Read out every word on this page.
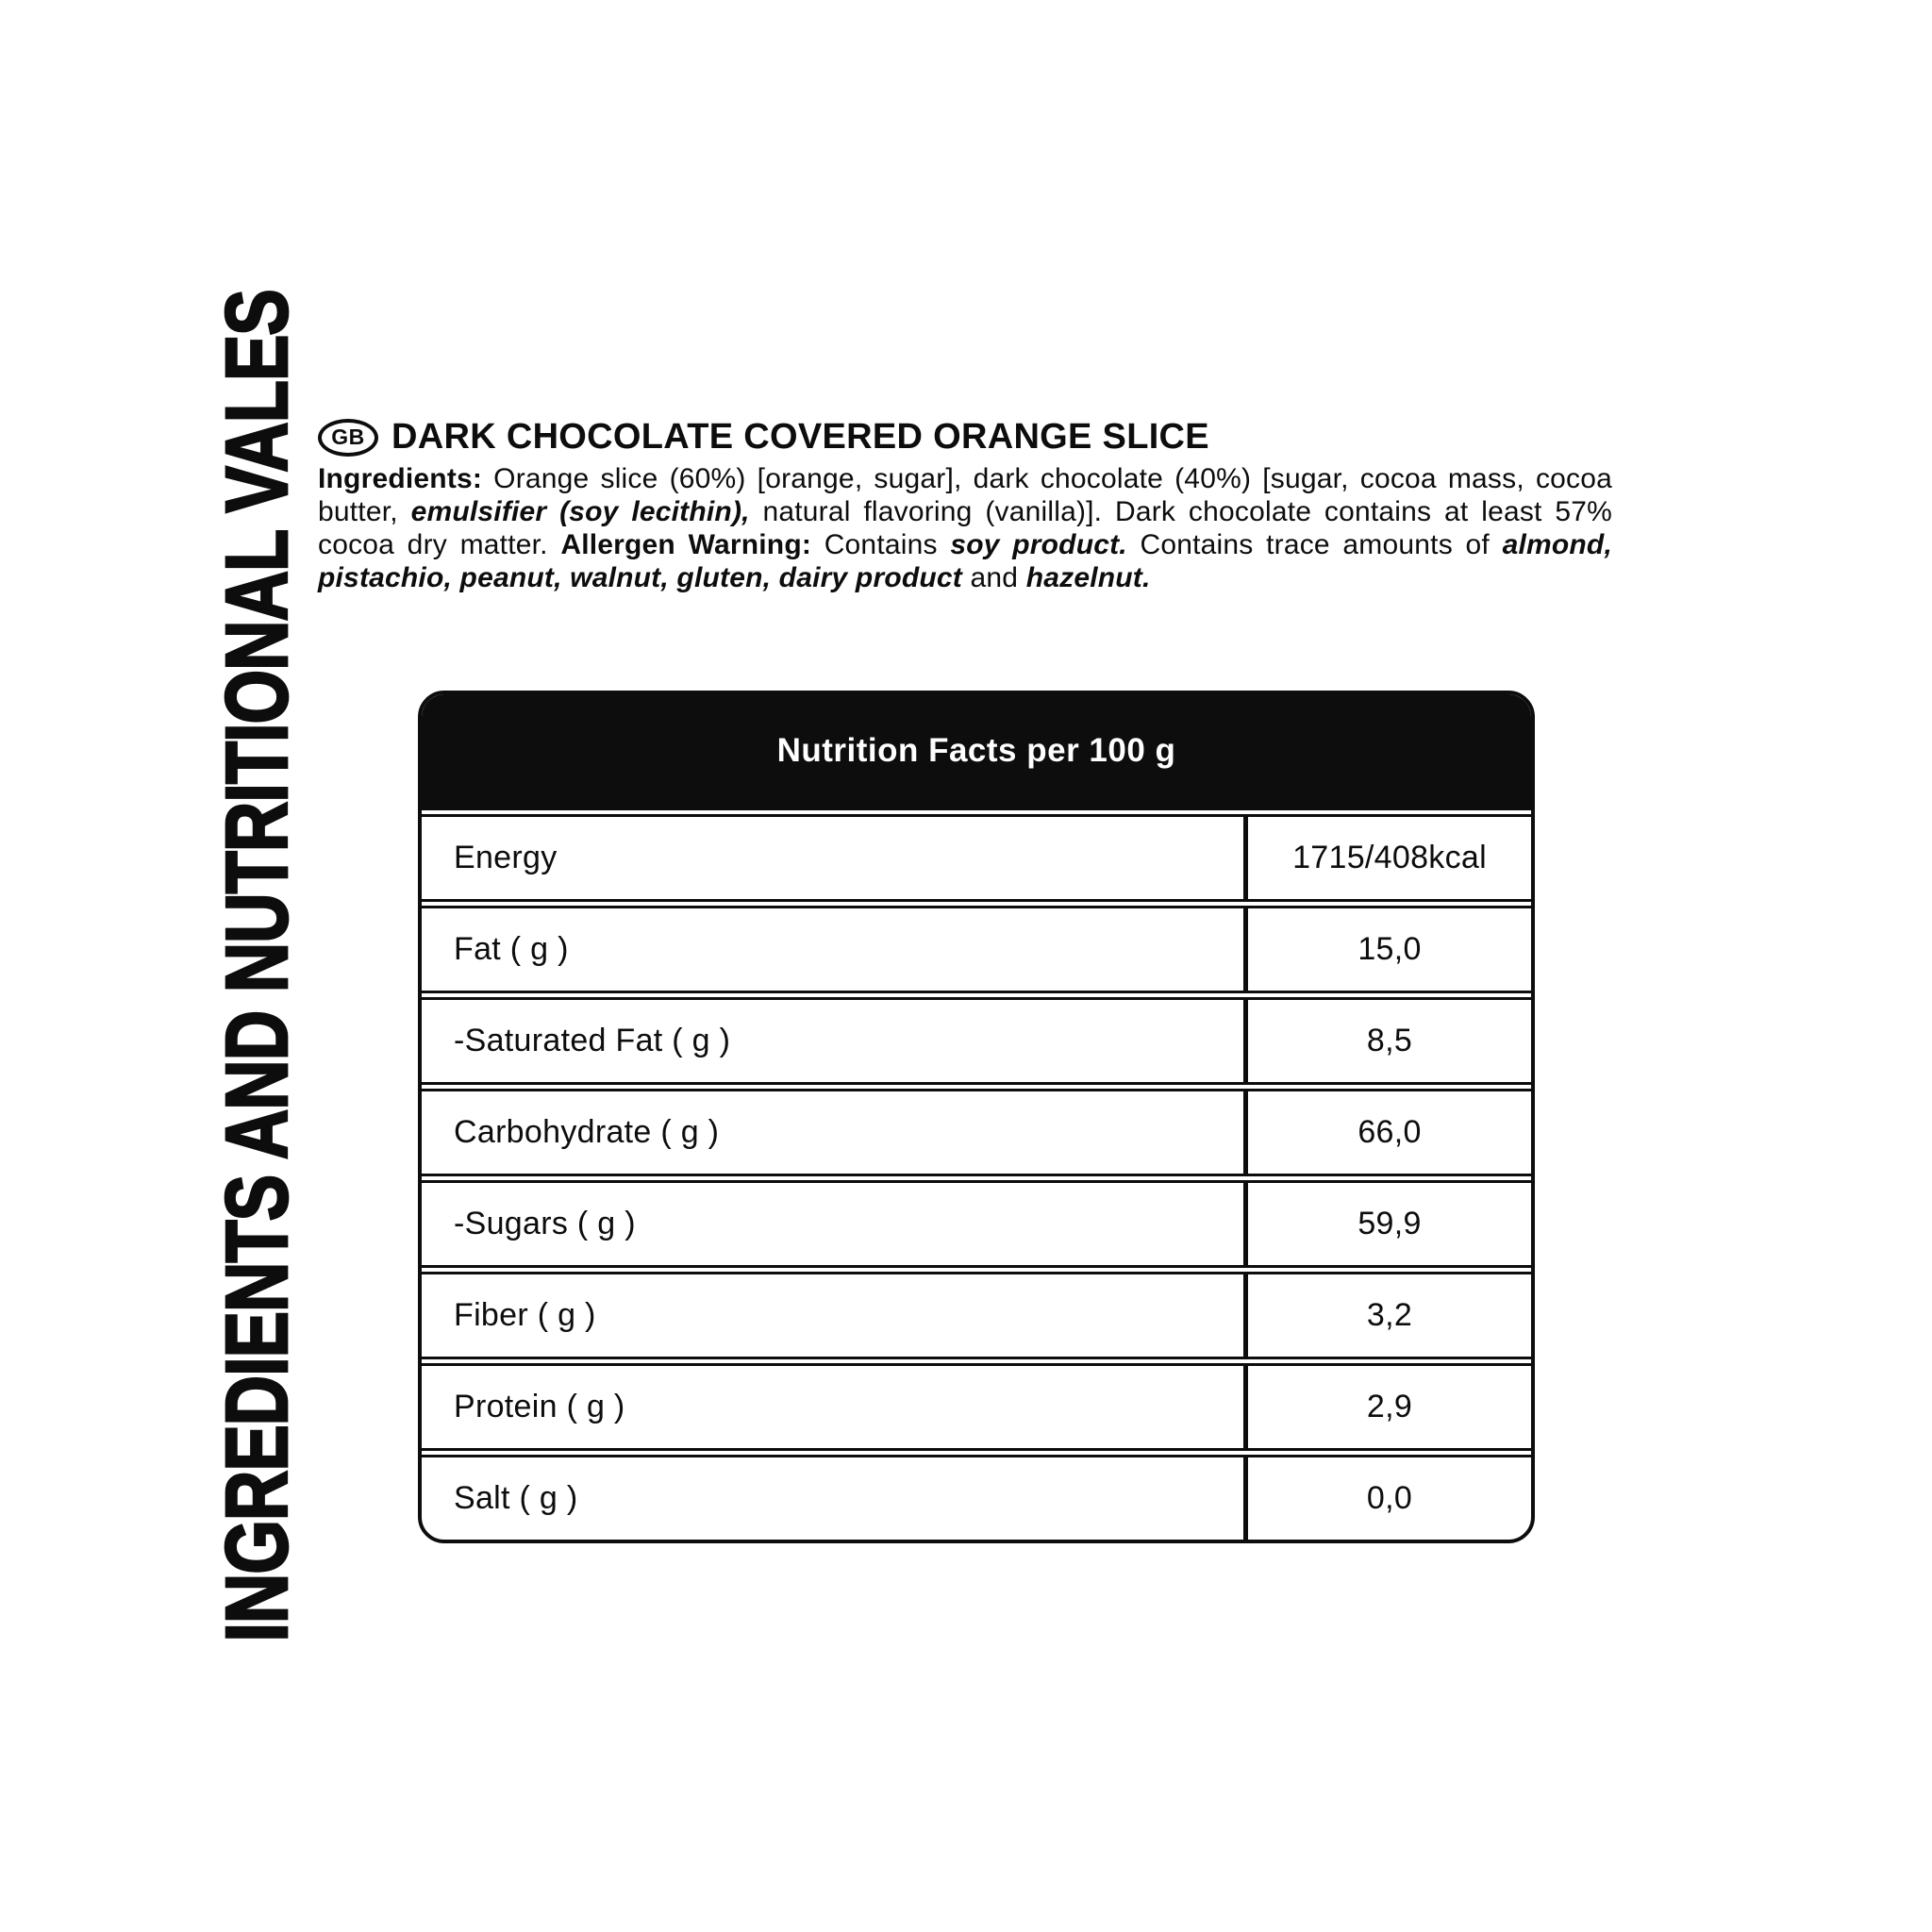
INGREDIENTS AND NUTRITIONAL VALES	GB DARK CHOCOLATE COVERED ORANGE SLICE

Ingredients: Orange slice (60%) [orange, sugar], dark chocolate (40%) [sugar, cocoa mass, cocoa butter, emulsifier (soy lecithin), natural flavoring (vanilla)]. Dark chocolate contains at least 57% cocoa dry matter. Allergen Warning: Contains soy product. Contains trace amounts of almond, pistachio, peanut, walnut, gluten, dairy product and hazelnut.

Nutrition Facts per 100 g
Energy	1715/408kcal
Fat ( g )	15,0
-Saturated Fat ( g )	8,5
Carbohydrate ( g )	66,0
-Sugars ( g )	59,9
Fiber ( g )	3,2
Protein ( g )	2,9
Salt ( g )	0,0
